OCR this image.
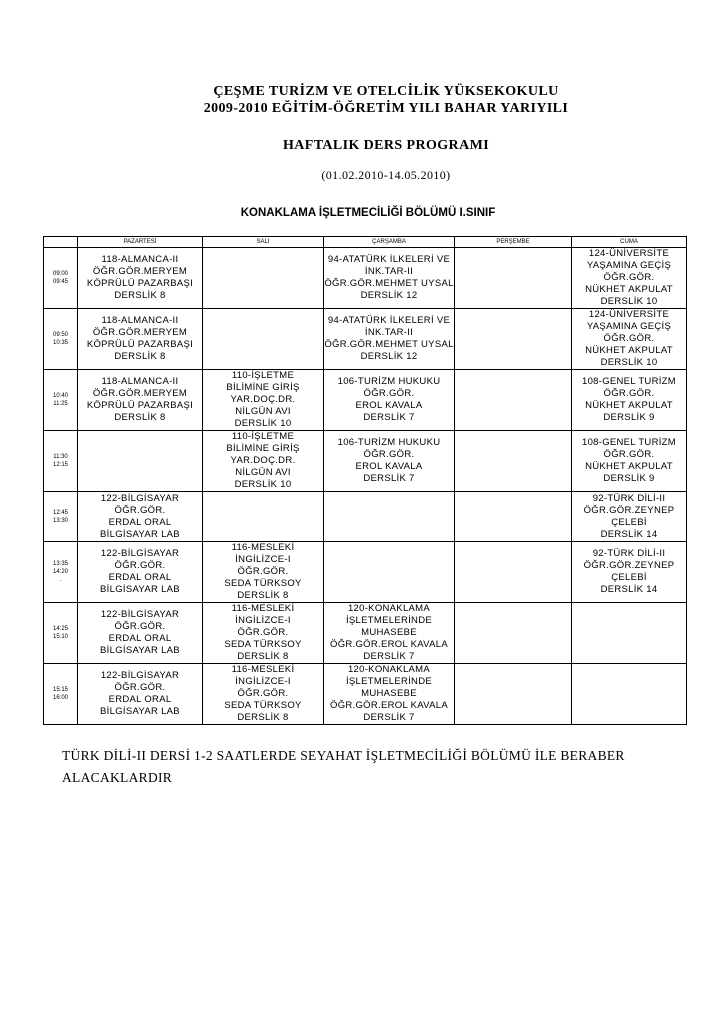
ÇEŞME TURİZM VE OTELCİLİK YÜKSEKOKULU
2009-2010 EĞİTİM-ÖĞRETİM YILI BAHAR YARIYILI
HAFTALIK DERS PROGRAMI
(01.02.2010-14.05.2010)
KONAKLAMA İŞLETMECİLİĞİ BÖLÜMÜ I.SINIF
	PAZARTESİ	SALI	ÇARŞAMBA	PERŞEMBE	CUMA
09:00
09:45	118-ALMANCA-II
ÖĞR.GÖR.MERYEM
KÖPRÜLÜ PAZARBAŞI
DERSLİK 8		94-ATATÜRK İLKELERİ VE
İNK.TAR-II
ÖĞR.GÖR.MEHMET UYSAL
DERSLİK 12		124-ÜNİVERSİTE
YAŞAMINA GEÇİŞ
ÖĞR.GÖR.
NÜKHET AKPULAT
DERSLİK 10
09:50
10:35	118-ALMANCA-II
ÖĞR.GÖR.MERYEM
KÖPRÜLÜ PAZARBAŞI
DERSLİK 8		94-ATATÜRK İLKELERİ VE
İNK.TAR-II
ÖĞR.GÖR.MEHMET UYSAL
DERSLİK 12		124-ÜNİVERSİTE
YAŞAMINA GEÇİŞ
ÖĞR.GÖR.
NÜKHET AKPULAT
DERSLİK 10
10:40
11:25	118-ALMANCA-II
ÖĞR.GÖR.MERYEM
KÖPRÜLÜ PAZARBAŞI
DERSLİK 8	110-İŞLETME
BİLİMİNE GİRİŞ
YAR.DOÇ.DR.
NİLGÜN AVI
DERSLİK 10	106-TURİZM HUKUKU
ÖĞR.GÖR.
EROL KAVALA
DERSLİK 7		108-GENEL TURİZM
ÖĞR.GÖR.
NÜKHET AKPULAT
DERSLİK 9
11:30
12:15		110-İŞLETME
BİLİMİNE GİRİŞ
YAR.DOÇ.DR.
NİLGÜN AVI
DERSLİK 10	106-TURİZM HUKUKU
ÖĞR.GÖR.
EROL KAVALA
DERSLİK 7		108-GENEL TURİZM
ÖĞR.GÖR.
NÜKHET AKPULAT
DERSLİK 9
12:45
13:30	122-BİLGİSAYAR
ÖĞR.GÖR.
ERDAL ORAL
BİLGİSAYAR LAB				92-TÜRK DİLİ-II
ÖĞR.GÖR.ZEYNEP
ÇELEBİ
DERSLİK 14
13:35
14:20
.	122-BİLGİSAYAR
ÖĞR.GÖR.
ERDAL ORAL
BİLGİSAYAR LAB	116-MESLEKİ
İNGİLİZCE-I
ÖĞR.GÖR.
SEDA TÜRKSOY
DERSLİK 8			92-TÜRK DİLİ-II
ÖĞR.GÖR.ZEYNEP
ÇELEBİ
DERSLİK 14
14:25
15:10	122-BİLGİSAYAR
ÖĞR.GÖR.
ERDAL ORAL
BİLGİSAYAR LAB	116-MESLEKİ
İNGİLİZCE-I
ÖĞR.GÖR.
SEDA TÜRKSOY
DERSLİK 8	120-KONAKLAMA
İŞLETMELERİNDE
MUHASEBE
ÖĞR.GÖR.EROL KAVALA
DERSLİK 7		
15:15
16:00	122-BİLGİSAYAR
ÖĞR.GÖR.
ERDAL ORAL
BİLGİSAYAR LAB	116-MESLEKİ
İNGİLİZCE-I
ÖĞR.GÖR.
SEDA TÜRKSOY
DERSLİK 8	120-KONAKLAMA
İŞLETMELERİNDE
MUHASEBE
ÖĞR.GÖR.EROL KAVALA
DERSLİK 7		
TÜRK DİLİ-II DERSİ 1-2 SAATLERDE SEYAHAT İŞLETMECİLİĞİ BÖLÜMÜ İLE BERABER ALACAKLARDIR
